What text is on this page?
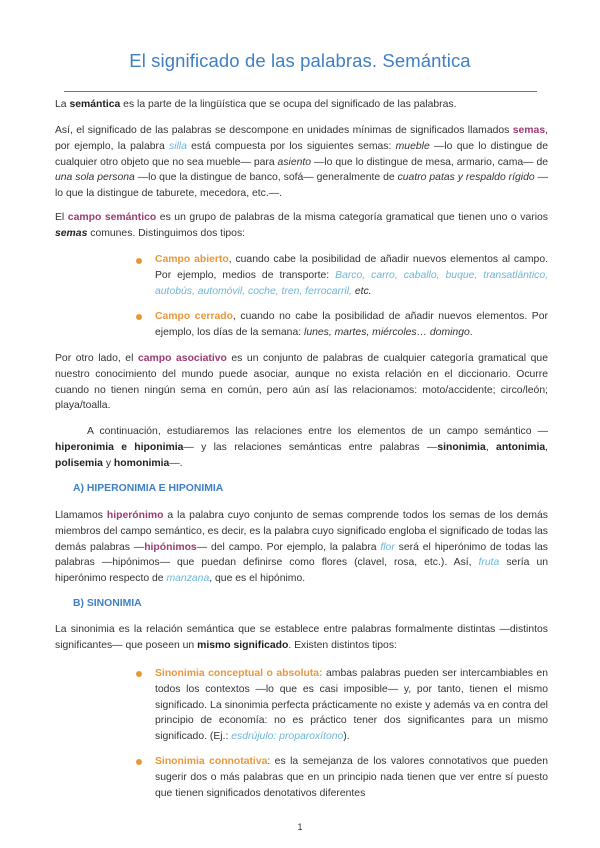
El significado de las palabras. Semántica
La semántica es la parte de la lingüística que se ocupa del significado de las palabras.
Así, el significado de las palabras se descompone en unidades mínimas de significados llamados semas, por ejemplo, la palabra silla está compuesta por los siguientes semas: mueble —lo que lo distingue de cualquier otro objeto que no sea mueble— para asiento —lo que lo distingue de mesa, armario, cama— de una sola persona —lo que la distingue de banco, sofá— generalmente de cuatro patas y respaldo rígido —lo que la distingue de taburete, mecedora, etc.—.
El campo semántico es un grupo de palabras de la misma categoría gramatical que tienen uno o varios semas comunes. Distinguimos dos tipos:
Campo abierto, cuando cabe la posibilidad de añadir nuevos elementos al campo. Por ejemplo, medios de transporte: Barco, carro, caballo, buque, transatlántico, autobús, automóvil, coche, tren, ferrocarril, etc.
Campo cerrado, cuando no cabe la posibilidad de añadir nuevos elementos. Por ejemplo, los días de la semana: lunes, martes, miércoles… domingo.
Por otro lado, el campo asociativo es un conjunto de palabras de cualquier categoría gramatical que nuestro conocimiento del mundo puede asociar, aunque no exista relación en el diccionario. Ocurre cuando no tienen ningún sema en común, pero aún así las relacionamos: moto/accidente; circo/león; playa/toalla.
A continuación, estudiaremos las relaciones entre los elementos de un campo semántico —hiperonimia e hiponimia— y las relaciones semánticas entre palabras —sinonimia, antonimia, polisemia y homonimia—.
A) HIPERONIMIA E HIPONIMIA
Llamamos hiperónimo a la palabra cuyo conjunto de semas comprende todos los semas de los demás miembros del campo semántico, es decir, es la palabra cuyo significado engloba el significado de todas las demás palabras —hipónimos— del campo. Por ejemplo, la palabra flor será el hiperónimo de todas las palabras —hipónimos— que puedan definirse como flores (clavel, rosa, etc.). Así, fruta sería un hiperónimo respecto de manzana, que es el hipónimo.
B) SINONIMIA
La sinonimia es la relación semántica que se establece entre palabras formalmente distintas —distintos significantes— que poseen un mismo significado. Existen distintos tipos:
Sinonimia conceptual o absoluta: ambas palabras pueden ser intercambiables en todos los contextos —lo que es casi imposible— y, por tanto, tienen el mismo significado. La sinonimia perfecta prácticamente no existe y además va en contra del principio de economía: no es práctico tener dos significantes para un mismo significado. (Ej.: esdrújulo: proparoxítono).
Sinonimia connotativa: es la semejanza de los valores connotativos que pueden sugerir dos o más palabras que en un principio nada tienen que ver entre sí puesto que tienen significados denotativos diferentes
1
